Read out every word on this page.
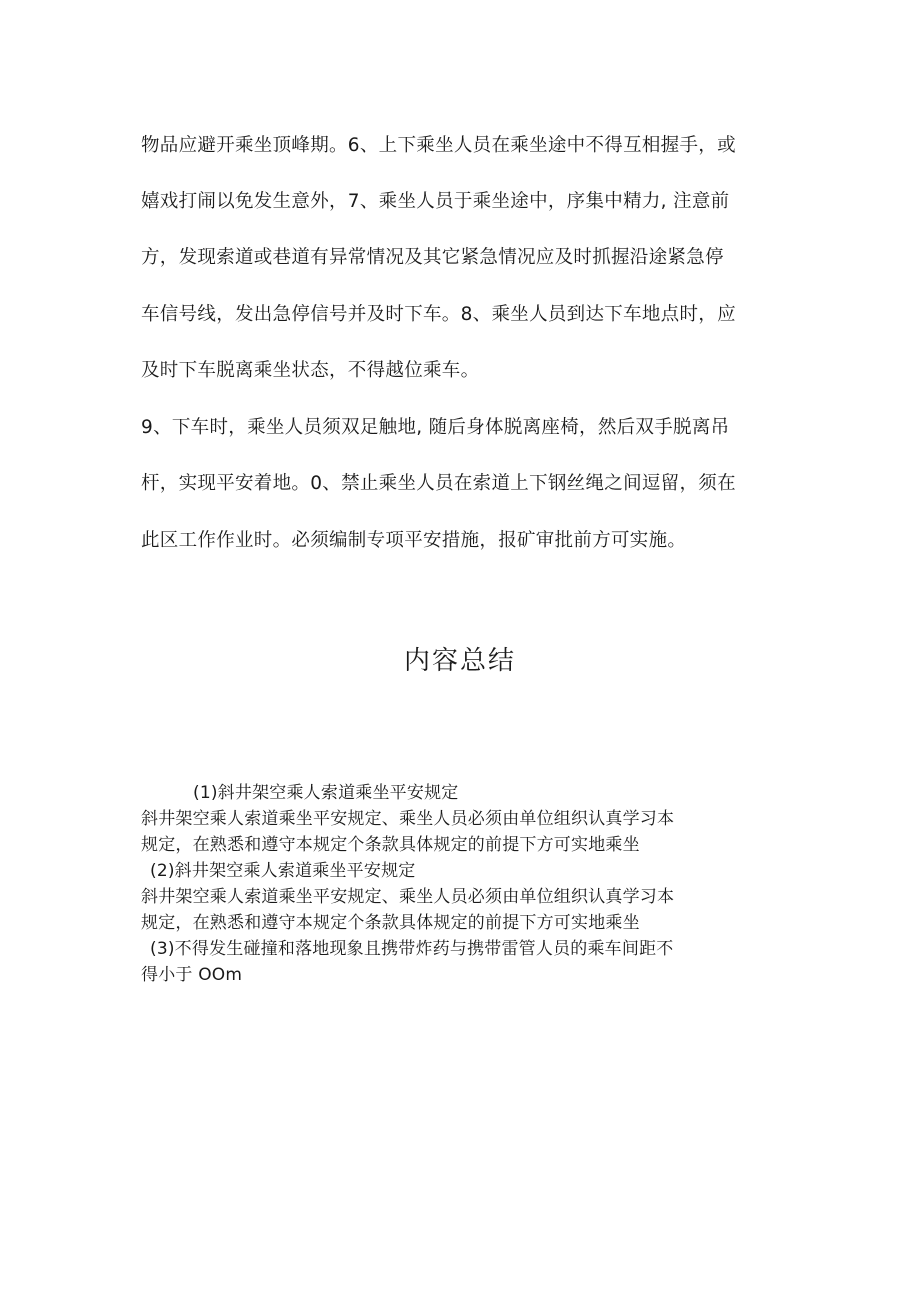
物品应避开乘坐顶峰期。6、上下乘坐人员在乘坐途中不得互相握手，或
嬉戏打闹以免发生意外，7、乘坐人员于乘坐途中，序集中精力, 注意前
方，发现索道或巷道有异常情况及其它紧急情况应及时抓握沿途紧急停
车信号线，发出急停信号并及时下车。8、乘坐人员到达下车地点时，应
及时下车脱离乘坐状态，不得越位乘车。
9、下车时，乘坐人员须双足触地, 随后身体脱离座椅，然后双手脱离吊
杆，实现平安着地。0、禁止乘坐人员在索道上下钢丝绳之间逗留，须在
此区工作作业时。必须编制专项平安措施，报矿审批前方可实施。
内容总结
(1)斜井架空乘人索道乘坐平安规定
斜井架空乘人索道乘坐平安规定、乘坐人员必须由单位组织认真学习本
规定，在熟悉和遵守本规定个条款具体规定的前提下方可实地乘坐
(2)斜井架空乘人索道乘坐平安规定
斜井架空乘人索道乘坐平安规定、乘坐人员必须由单位组织认真学习本
规定，在熟悉和遵守本规定个条款具体规定的前提下方可实地乘坐
(3)不得发生碰撞和落地现象且携带炸药与携带雷管人员的乘车间距不
得小于 OOm
